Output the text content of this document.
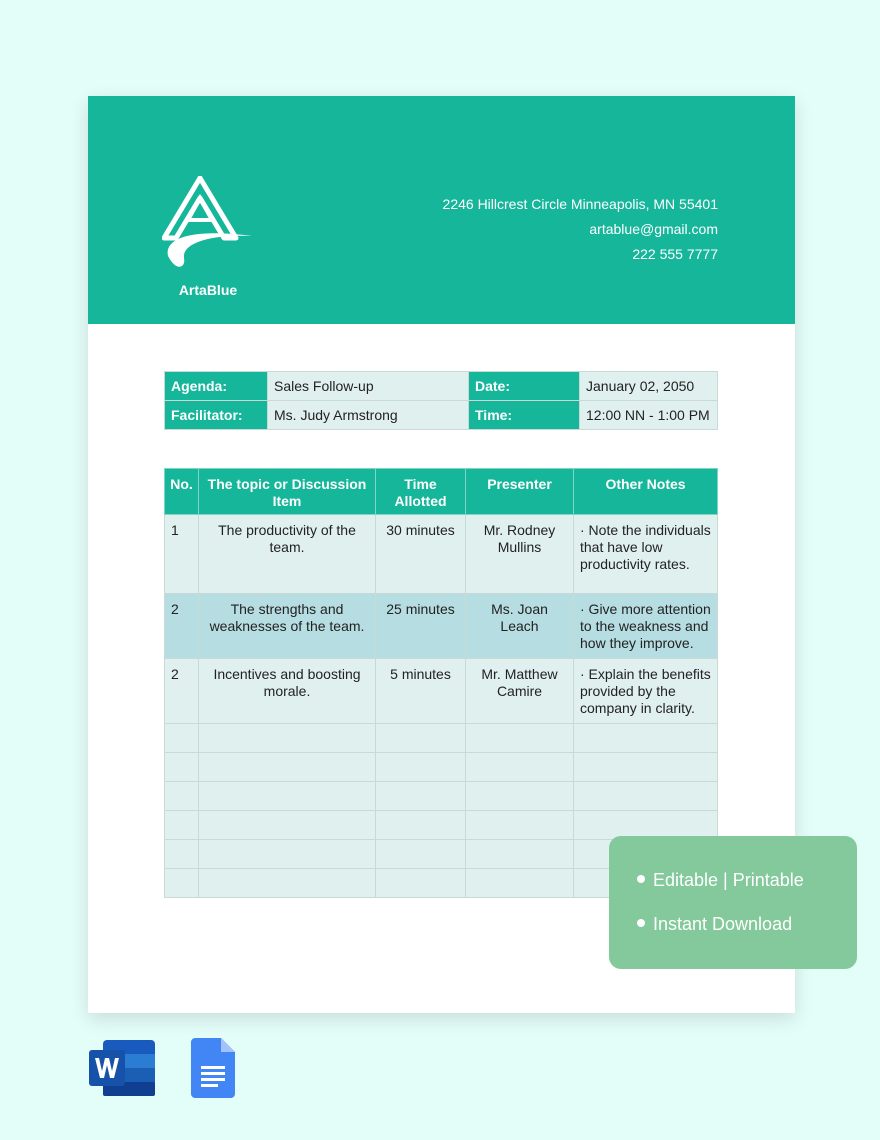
ArtaBlue
2246 Hillcrest Circle Minneapolis, MN 55401
artablue@gmail.com
222 555 7777
Agenda:	Sales Follow-up	Date:	January 02, 2050
Facilitator:	Ms. Judy Armstrong	Time:	12:00 NN - 1:00 PM
No.	The topic or Discussion Item	Time Allotted	Presenter	Other Notes
1	The productivity of the team.	30 minutes	Mr. Rodney Mullins	· Note the individuals that have low productivity rates.
2	The strengths and weaknesses of the team.	25 minutes	Ms. Joan Leach	· Give more attention to the weakness and how they improve.
2	Incentives and boosting morale.	5 minutes	Mr. Matthew Camire	· Explain the benefits provided by the company in clarity.

Editable | Printable
Instant Download
